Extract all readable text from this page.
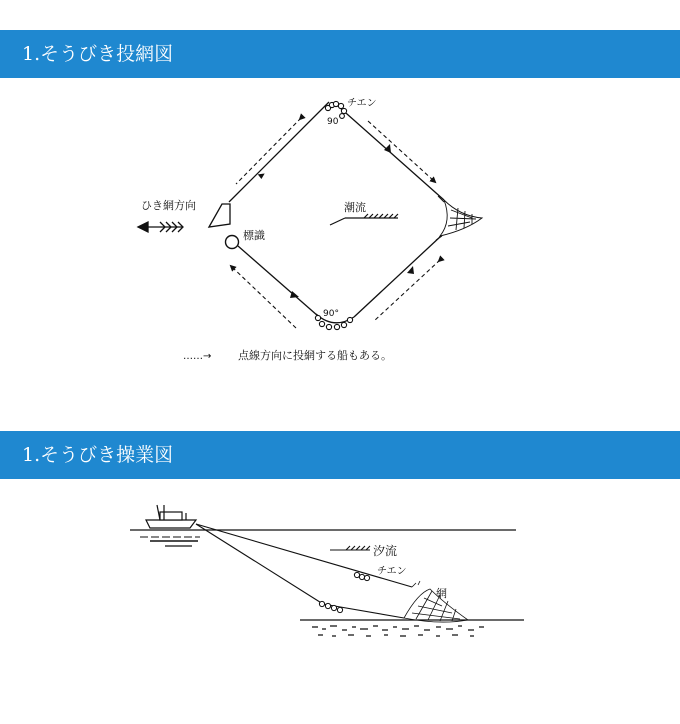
1.そうびき投網図
チエン
90
90°
ひき網方向
標識
潮流
……→ 点線方向に投網する船もある。
1.そうびき操業図
汐流
チエン
網
